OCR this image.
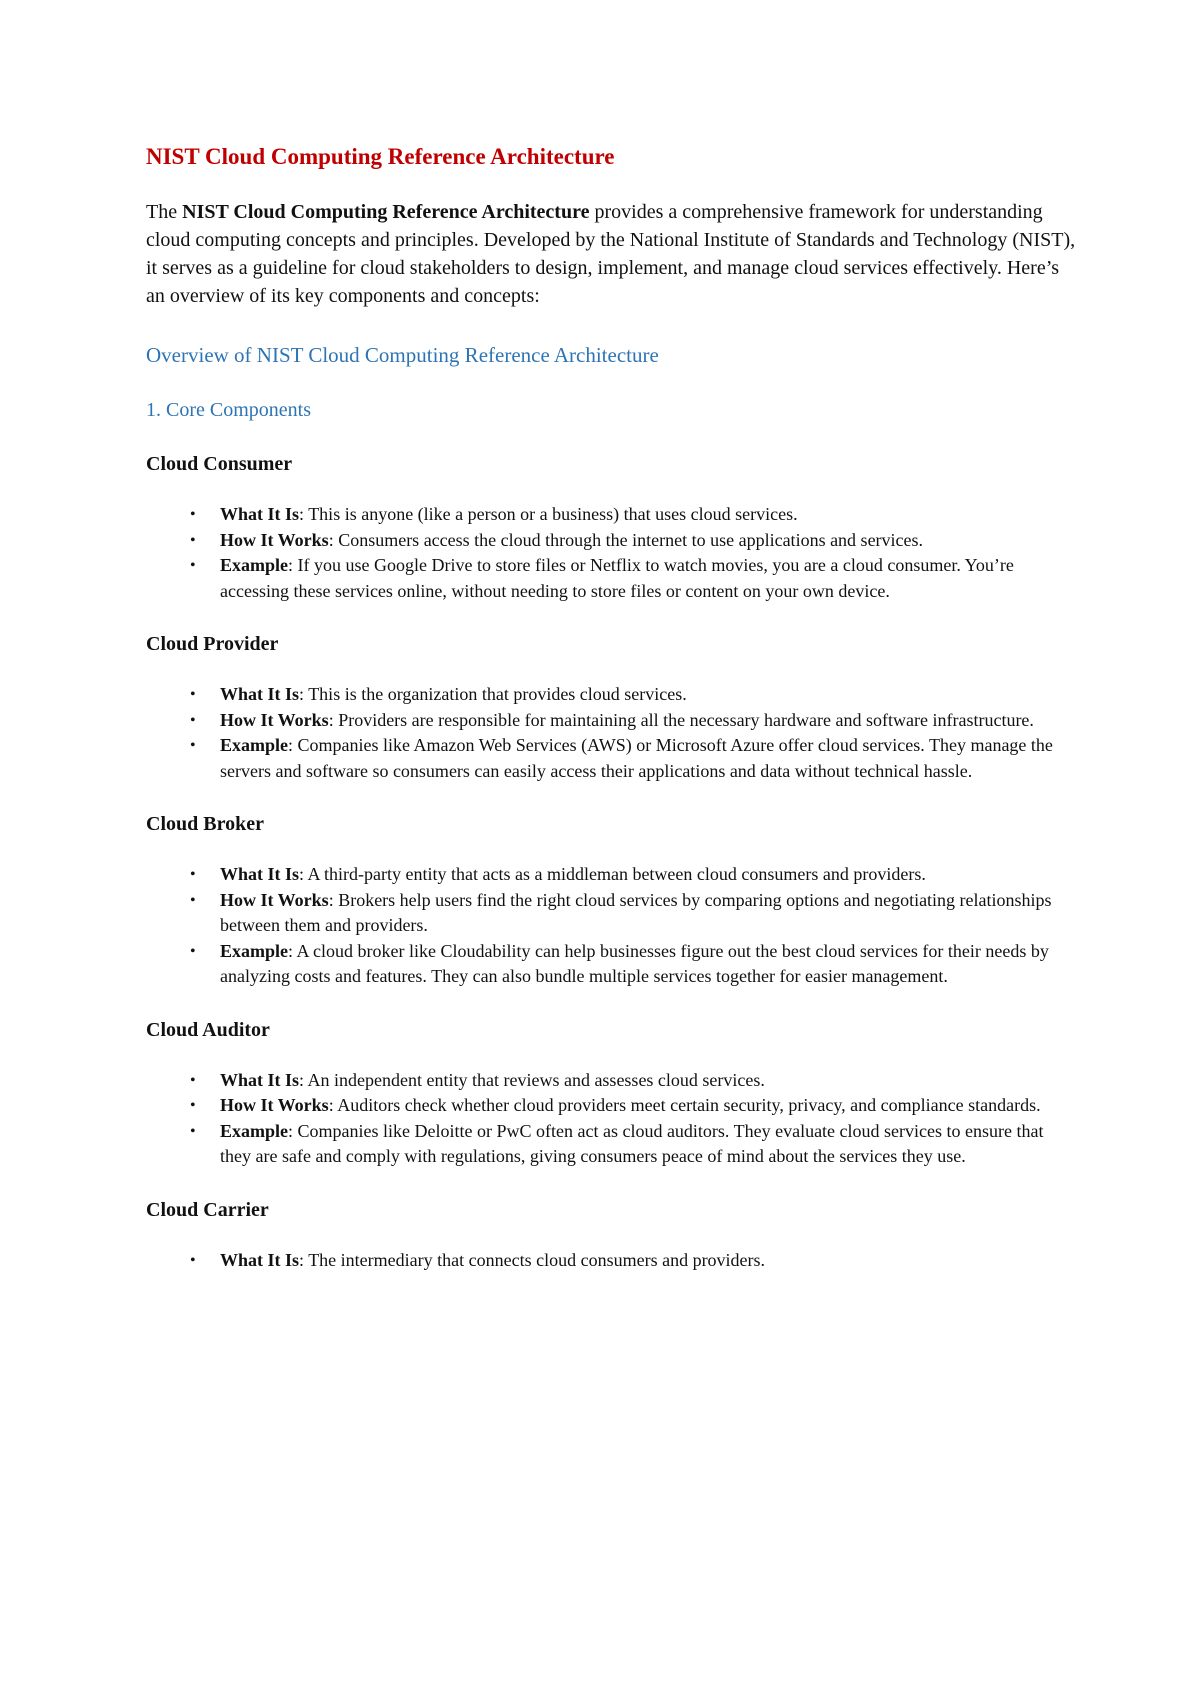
NIST Cloud Computing Reference Architecture

The NIST Cloud Computing Reference Architecture provides a comprehensive framework for understanding cloud computing concepts and principles. Developed by the National Institute of Standards and Technology (NIST), it serves as a guideline for cloud stakeholders to design, implement, and manage cloud services effectively. Here’s an overview of its key components and concepts:

Overview of NIST Cloud Computing Reference Architecture
1. Core Components
Cloud Consumer
• What It Is: This is anyone (like a person or a business) that uses cloud services.
• How It Works: Consumers access the cloud through the internet to use applications and services.
• Example: If you use Google Drive to store files or Netflix to watch movies, you are a cloud consumer. You’re accessing these services online, without needing to store files or content on your own device.
Cloud Provider
• What It Is: This is the organization that provides cloud services.
• How It Works: Providers are responsible for maintaining all the necessary hardware and software infrastructure.
• Example: Companies like Amazon Web Services (AWS) or Microsoft Azure offer cloud services. They manage the servers and software so consumers can easily access their applications and data without technical hassle.
Cloud Broker
• What It Is: A third-party entity that acts as a middleman between cloud consumers and providers.
• How It Works: Brokers help users find the right cloud services by comparing options and negotiating relationships between them and providers.
• Example: A cloud broker like Cloudability can help businesses figure out the best cloud services for their needs by analyzing costs and features. They can also bundle multiple services together for easier management.
Cloud Auditor
• What It Is: An independent entity that reviews and assesses cloud services.
• How It Works: Auditors check whether cloud providers meet certain security, privacy, and compliance standards.
• Example: Companies like Deloitte or PwC often act as cloud auditors. They evaluate cloud services to ensure that they are safe and comply with regulations, giving consumers peace of mind about the services they use.
Cloud Carrier
• What It Is: The intermediary that connects cloud consumers and providers.
